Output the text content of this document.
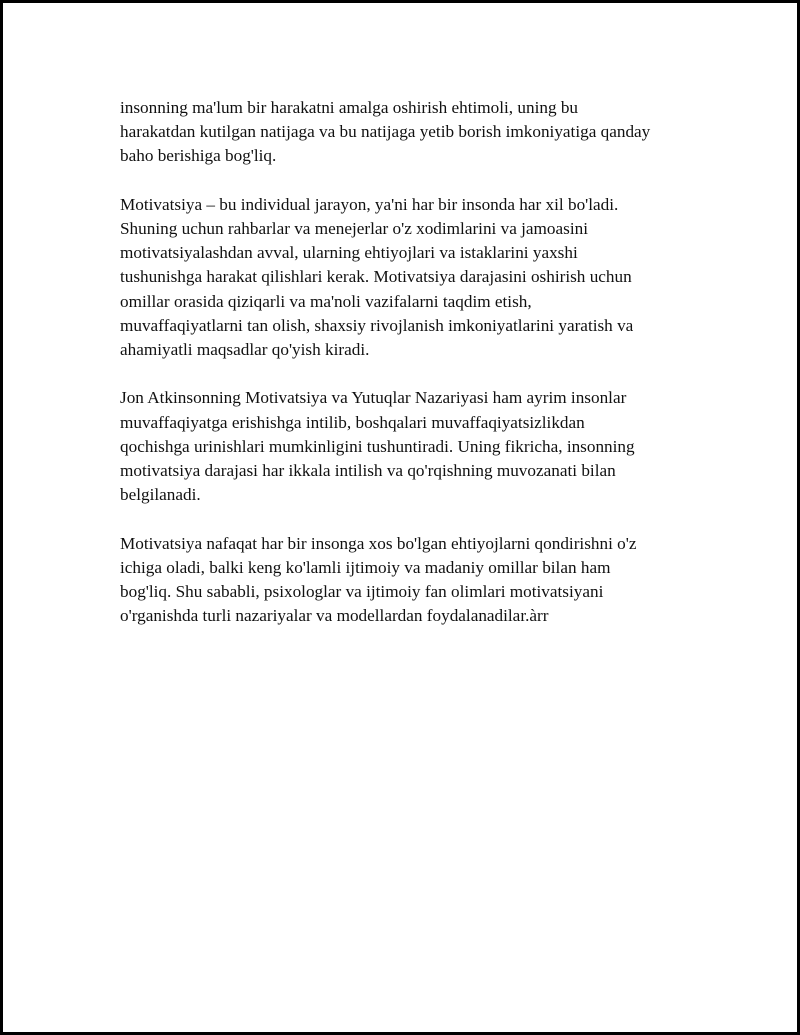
insonning ma'lum bir harakatni amalga oshirish ehtimoli, uning bu
harakatdan kutilgan natijaga va bu natijaga yetib borish imkoniyatiga qanday
baho berishiga bog'liq.

Motivatsiya – bu individual jarayon, ya'ni har bir insonda har xil bo'ladi.
Shuning uchun rahbarlar va menejerlar o'z xodimlarini va jamoasini
motivatsiyalashdan avval, ularning ehtiyojlari va istaklarini yaxshi
tushunishga harakat qilishlari kerak. Motivatsiya darajasini oshirish uchun
omillar orasida qiziqarli va ma'noli vazifalarni taqdim etish,
muvaffaqiyatlarni tan olish, shaxsiy rivojlanish imkoniyatlarini yaratish va
ahamiyatli maqsadlar qo'yish kiradi.

Jon Atkinsonning Motivatsiya va Yutuqlar Nazariyasi ham ayrim insonlar
muvaffaqiyatga erishishga intilib, boshqalari muvaffaqiyatsizlikdan
qochishga urinishlari mumkinligini tushuntiradi. Uning fikricha, insonning
motivatsiya darajasi har ikkala intilish va qo'rqishning muvozanati bilan
belgilanadi.

Motivatsiya nafaqat har bir insonga xos bo'lgan ehtiyojlarni qondirishni o'z
ichiga oladi, balki keng ko'lamli ijtimoiy va madaniy omillar bilan ham
bog'liq. Shu sababli, psixologlar va ijtimoiy fan olimlari motivatsiyani
o'rganishda turli nazariyalar va modellardan foydalanadilar.àrr
